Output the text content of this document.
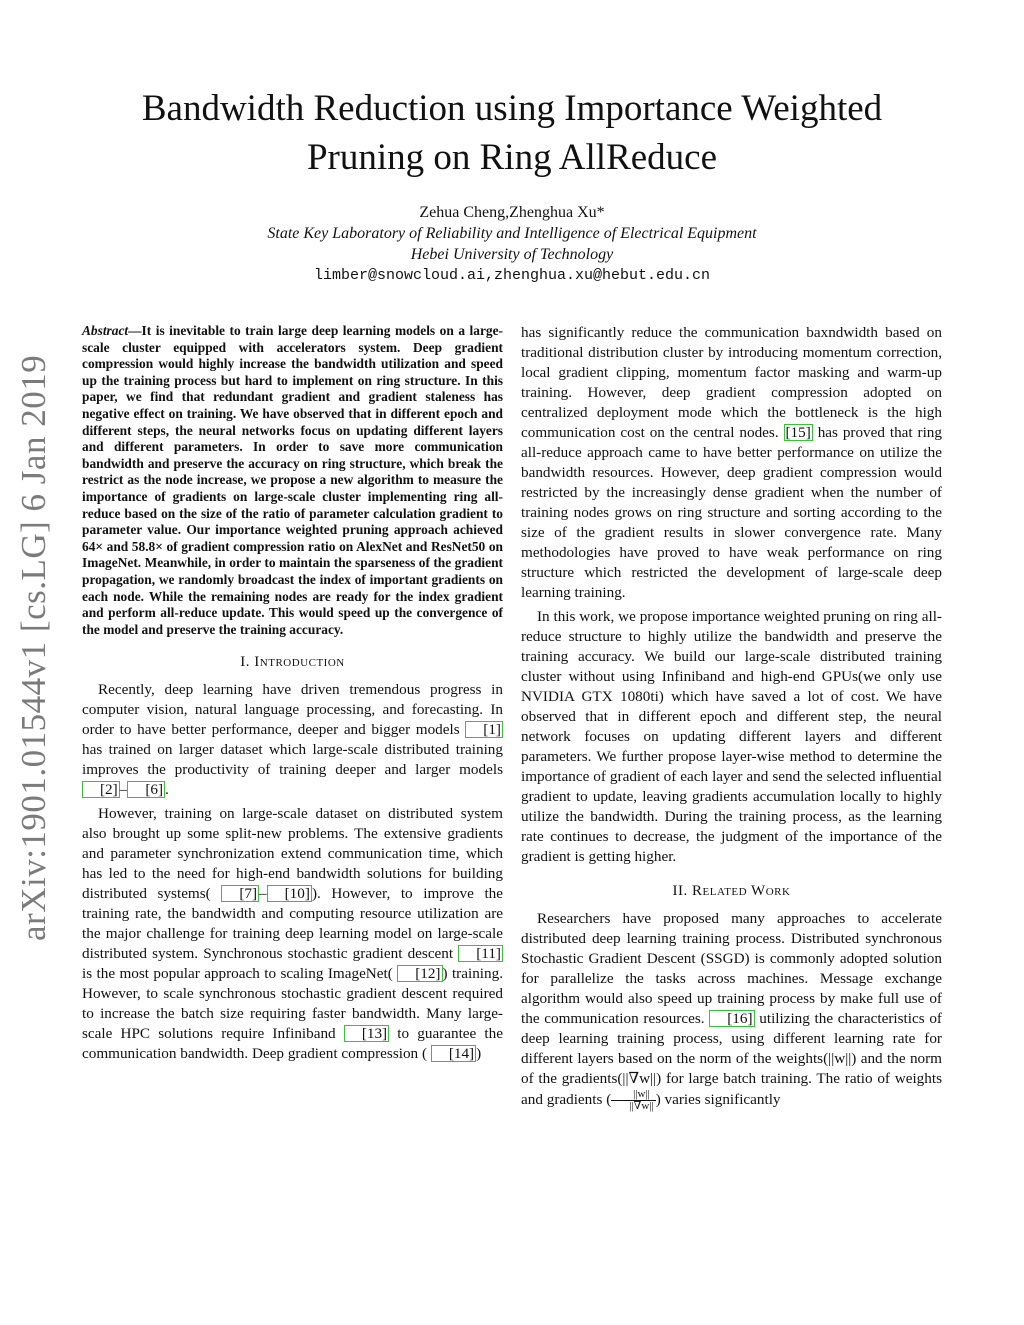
arXiv:1901.01544v1 [cs.LG] 6 Jan 2019
Bandwidth Reduction using Importance Weighted
Pruning on Ring AllReduce
Zehua Cheng,Zhenghua Xu*
State Key Laboratory of Reliability and Intelligence of Electrical Equipment
Hebei University of Technology
limber@snowcloud.ai,zhenghua.xu@hebut.edu.cn
Abstract—It is inevitable to train large deep learning models on a large-scale cluster equipped with accelerators system. Deep gradient compression would highly increase the bandwidth utilization and speed up the training process but hard to implement on ring structure. In this paper, we find that redundant gradient and gradient staleness has negative effect on training. We have observed that in different epoch and different steps, the neural networks focus on updating different layers and different parameters. In order to save more communication bandwidth and preserve the accuracy on ring structure, which break the restrict as the node increase, we propose a new algorithm to measure the importance of gradients on large-scale cluster implementing ring all-reduce based on the size of the ratio of parameter calculation gradient to parameter value. Our importance weighted pruning approach achieved 64× and 58.8× of gradient compression ratio on AlexNet and ResNet50 on ImageNet. Meanwhile, in order to maintain the sparseness of the gradient propagation, we randomly broadcast the index of important gradients on each node. While the remaining nodes are ready for the index gradient and perform all-reduce update. This would speed up the convergence of the model and preserve the training accuracy.
I. Introduction

Recently, deep learning have driven tremendous progress in computer vision, natural language processing, and forecasting. In order to have better performance, deeper and bigger models [1] has trained on larger dataset which large-scale distributed training improves the productivity of training deeper and larger models [2] – [6] .

However, training on large-scale dataset on distributed system also brought up some split-new problems. The extensive gradients and parameter synchronization extend communication time, which has led to the need for high-end bandwidth solutions for building distributed systems( [7] – [10] ). However, to improve the training rate, the bandwidth and computing resource utilization are the major challenge for training deep learning model on large-scale distributed system. Synchronous stochastic gradient descent [11] is the most popular approach to scaling ImageNet( [12] ) training. However, to scale synchronous stochastic gradient descent required to increase the batch size requiring faster bandwidth. Many large-scale HPC solutions require Infiniband [13] to guarantee the communication bandwidth. Deep gradient compression ( [14] )

has significantly reduce the communication baxndwidth based on traditional distribution cluster by introducing momentum correction, local gradient clipping, momentum factor masking and warm-up training. However, deep gradient compression adopted on centralized deployment mode which the bottleneck is the high communication cost on the central nodes. [15] has proved that ring all-reduce approach came to have better performance on utilize the bandwidth resources. However, deep gradient compression would restricted by the increasingly dense gradient when the number of training nodes grows on ring structure and sorting according to the size of the gradient results in slower convergence rate. Many methodologies have proved to have weak performance on ring structure which restricted the development of large-scale deep learning training.

In this work, we propose importance weighted pruning on ring all-reduce structure to highly utilize the bandwidth and preserve the training accuracy. We build our large-scale distributed training cluster without using Infiniband and high-end GPUs(we only use NVIDIA GTX 1080ti) which have saved a lot of cost. We have observed that in different epoch and different step, the neural network focuses on updating different layers and different parameters. We further propose layer-wise method to determine the importance of gradient of each layer and send the selected influential gradient to update, leaving gradients accumulation locally to highly utilize the bandwidth. During the training process, as the learning rate continues to decrease, the judgment of the importance of the gradient is getting higher.

II. Related Work

Researchers have proposed many approaches to accelerate distributed deep learning training process. Distributed synchronous Stochastic Gradient Descent (SSGD) is commonly adopted solution for parallelize the tasks across machines. Message exchange algorithm would also speed up training process by make full use of the communication resources. [16] utilizing the characteristics of deep learning training process, using different learning rate for different layers based on the norm of the weights(||w||) and the norm of the gradients(||∇w||) for large batch training. The ratio of weights and gradients ( $\frac{||w||}{||\nabla w||}$ ) varies significantly
